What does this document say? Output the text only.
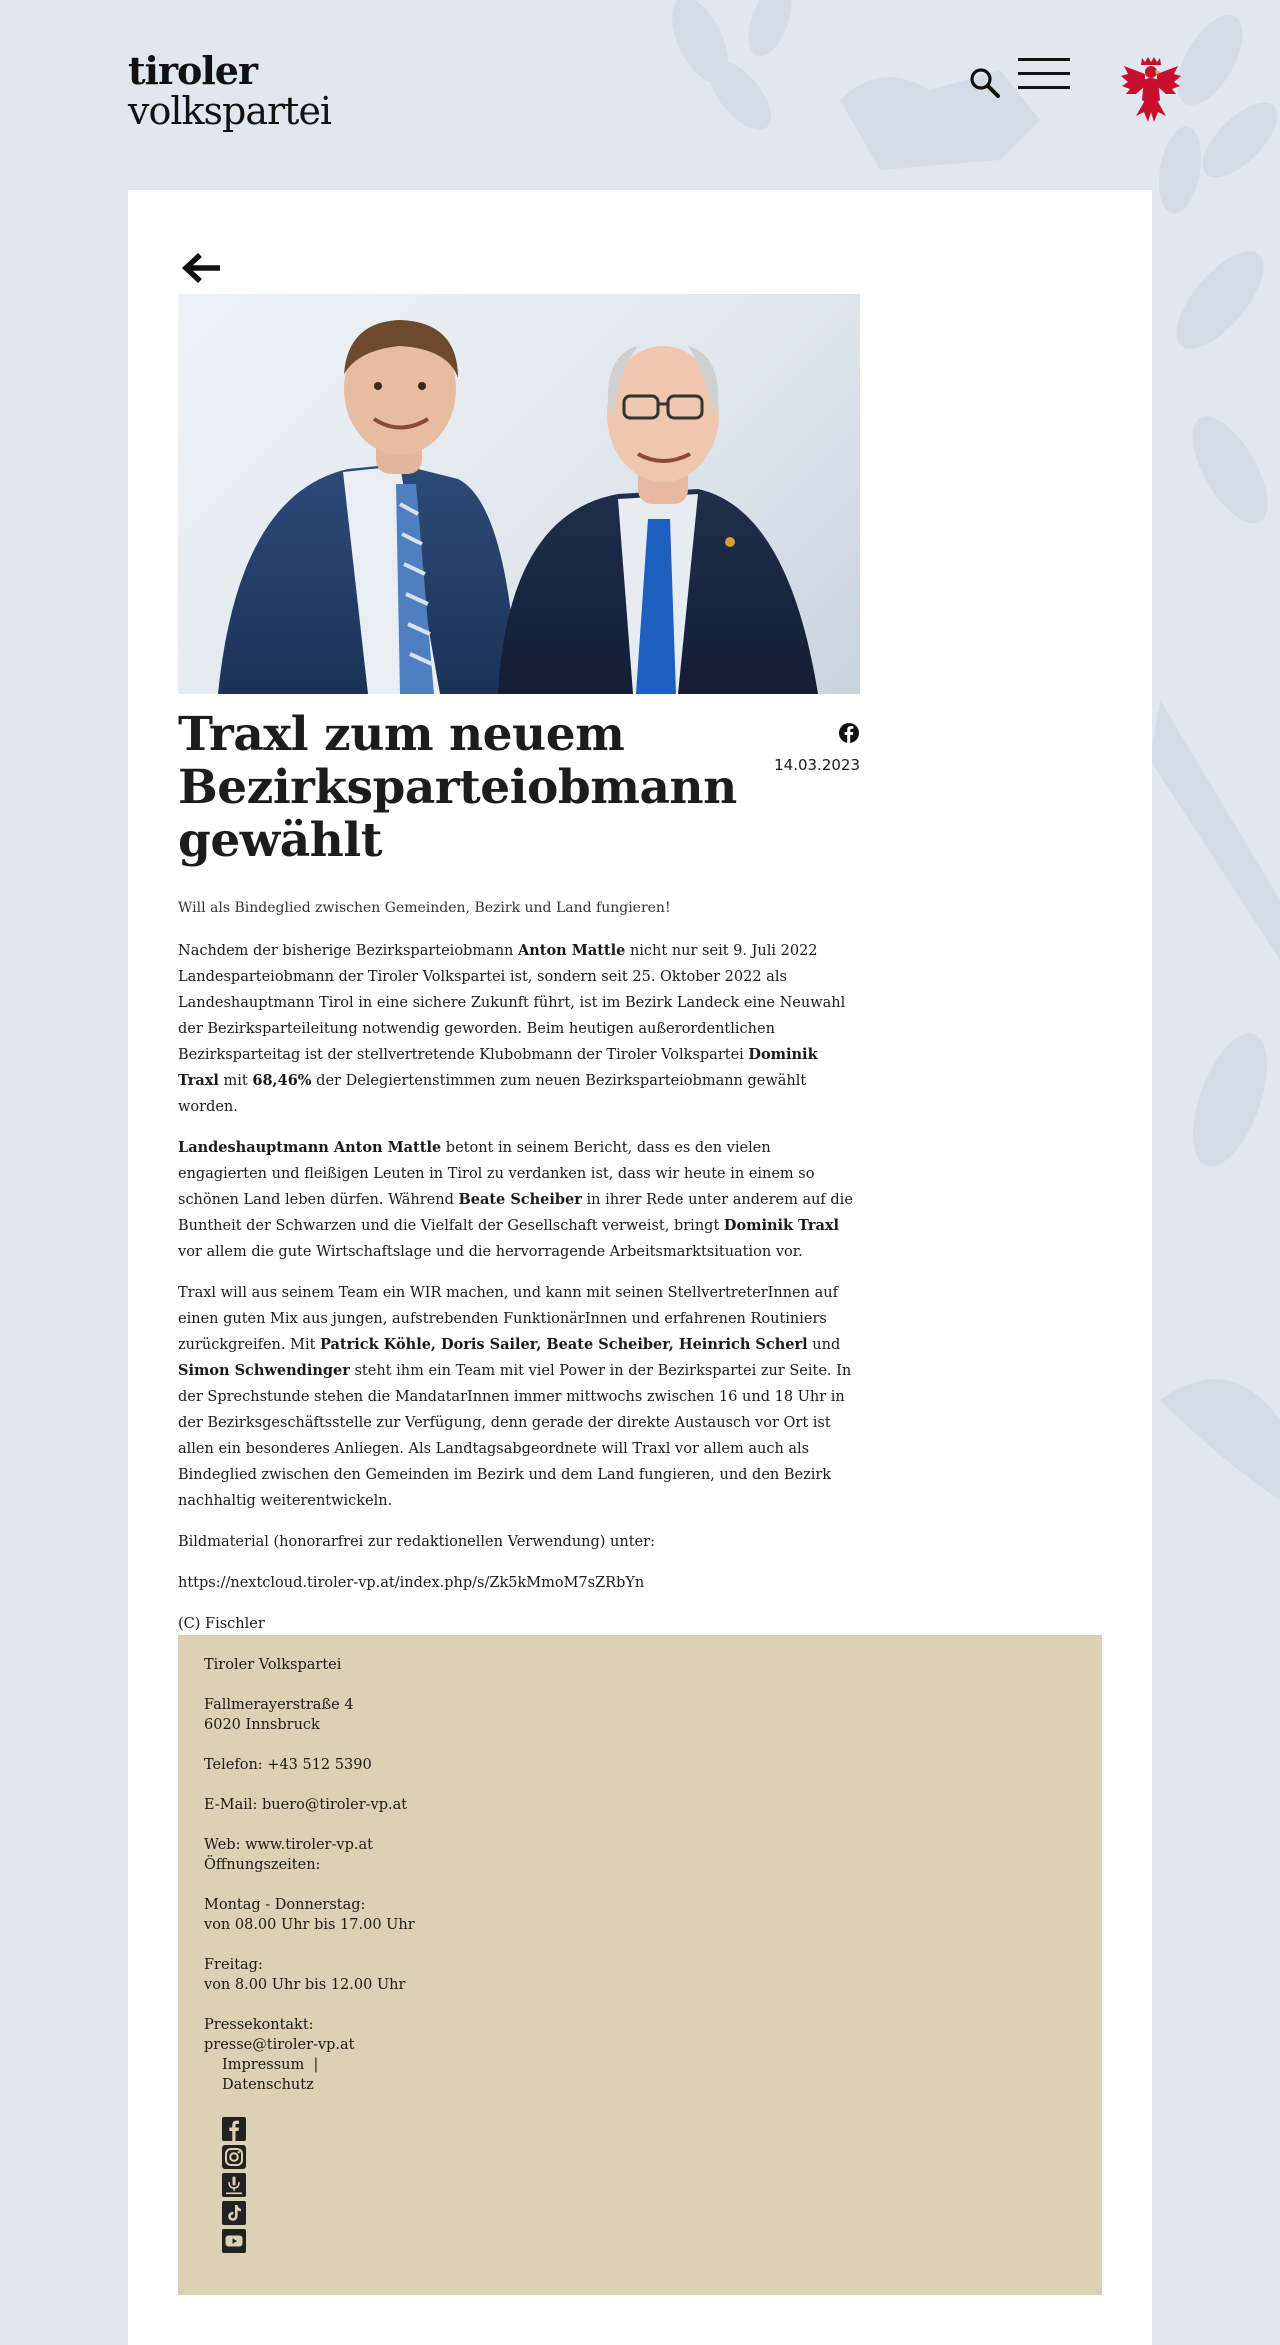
tiroler
volkspartei
Traxl zum neuem Bezirksparteiobmann gewählt
14.03.2023

Will als Bindeglied zwischen Gemeinden, Bezirk und Land fungieren!

Nachdem der bisherige Bezirksparteiobmann Anton Mattle nicht nur seit 9. Juli 2022 Landesparteiobmann der Tiroler Volkspartei ist, sondern seit 25. Oktober 2022 als Landeshauptmann Tirol in eine sichere Zukunft führt, ist im Bezirk Landeck eine Neuwahl der Bezirksparteileitung notwendig geworden. Beim heutigen außerordentlichen Bezirksparteitag ist der stellvertretende Klubobmann der Tiroler Volkspartei Dominik Traxl mit 68,46% der Delegiertenstimmen zum neuen Bezirksparteiobmann gewählt worden.

Landeshauptmann Anton Mattle betont in seinem Bericht, dass es den vielen engagierten und fleißigen Leuten in Tirol zu verdanken ist, dass wir heute in einem so schönen Land leben dürfen. Während Beate Scheiber in ihrer Rede unter anderem auf die Buntheit der Schwarzen und die Vielfalt der Gesellschaft verweist, bringt Dominik Traxl vor allem die gute Wirtschaftslage und die hervorragende Arbeitsmarktsituation vor.

Traxl will aus seinem Team ein WIR machen, und kann mit seinen StellvertreterInnen auf einen guten Mix aus jungen, aufstrebenden FunktionärInnen und erfahrenen Routiniers zurückgreifen. Mit Patrick Köhle, Doris Sailer, Beate Scheiber, Heinrich Scherl und Simon Schwendinger steht ihm ein Team mit viel Power in der Bezirkspartei zur Seite. In der Sprechstunde stehen die MandatarInnen immer mittwochs zwischen 16 und 18 Uhr in der Bezirksgeschäftsstelle zur Verfügung, denn gerade der direkte Austausch vor Ort ist allen ein besonderes Anliegen. Als Landtagsabgeordnete will Traxl vor allem auch als Bindeglied zwischen den Gemeinden im Bezirk und dem Land fungieren, und den Bezirk nachhaltig weiterentwickeln.

Bildmaterial (honorarfrei zur redaktionellen Verwendung) unter:

https://nextcloud.tiroler-vp.at/index.php/s/Zk5kMmoM7sZRbYn

(C) Fischler

Tiroler Volkspartei
Fallmerayerstraße 4
6020 Innsbruck
Telefon: +43 512 5390
E-Mail: buero@tiroler-vp.at
Web: www.tiroler-vp.at
Öffnungszeiten:
Montag - Donnerstag:
von 08.00 Uhr bis 17.00 Uhr
Freitag:
von 8.00 Uhr bis 12.00 Uhr
Pressekontakt:
presse@tiroler-vp.at
Impressum |
Datenschutz
